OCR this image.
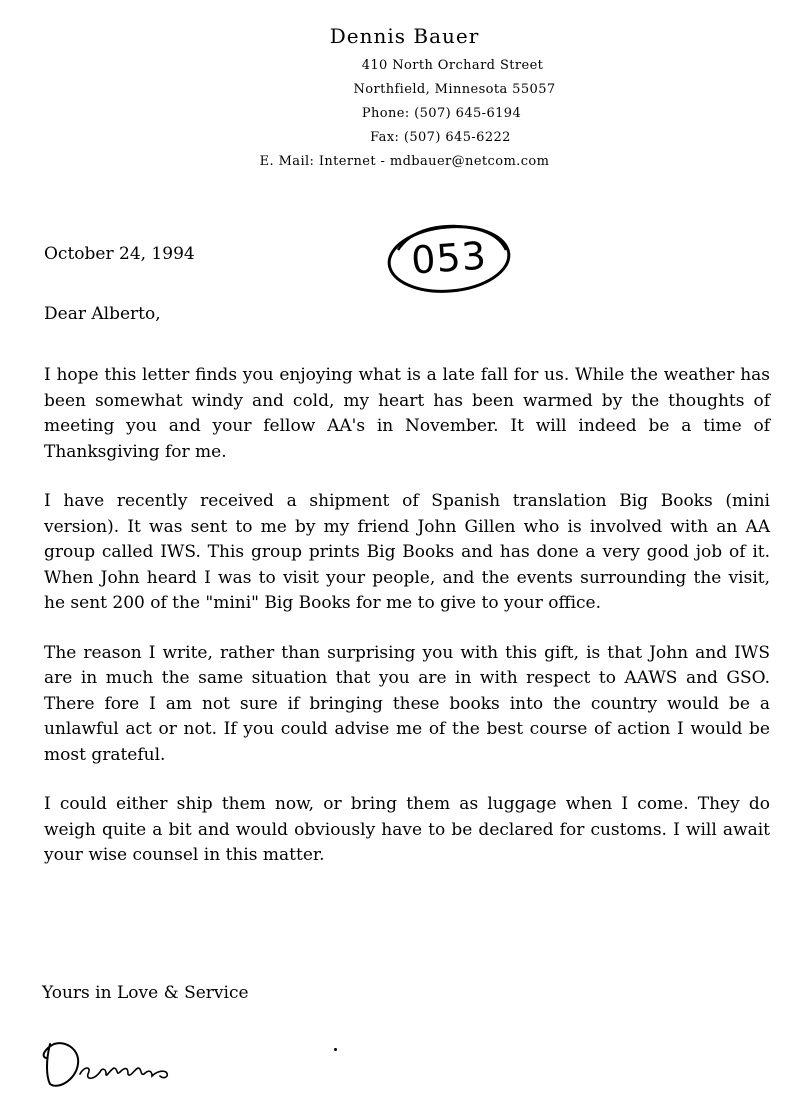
Dennis Bauer
410 North Orchard Street
Northfield, Minnesota 55057
Phone: (507) 645-6194
Fax: (507) 645-6222
E. Mail: Internet - mdbauer@netcom.com
October 24, 1994	053
Dear Alberto,

I hope this letter finds you enjoying what is a late fall for us. While the weather has been somewhat windy and cold, my heart has been warmed by the thoughts of meeting you and your fellow AA's in November. It will indeed be a time of Thanksgiving for me.

I have recently received a shipment of Spanish translation Big Books (mini version). It was sent to me by my friend John Gillen who is involved with an AA group called IWS. This group prints Big Books and has done a very good job of it. When John heard I was to visit your people, and the events surrounding the visit, he sent 200 of the "mini" Big Books for me to give to your office.

The reason I write, rather than surprising you with this gift, is that John and IWS are in much the same situation that you are in with respect to AAWS and GSO. There fore I am not sure if bringing these books into the country would be a unlawful act or not. If you could advise me of the best course of action I would be most grateful.

I could either ship them now, or bring them as luggage when I come. They do weigh quite a bit and would obviously have to be declared for customs. I will await your wise counsel in this matter.

Yours in Love & Service
